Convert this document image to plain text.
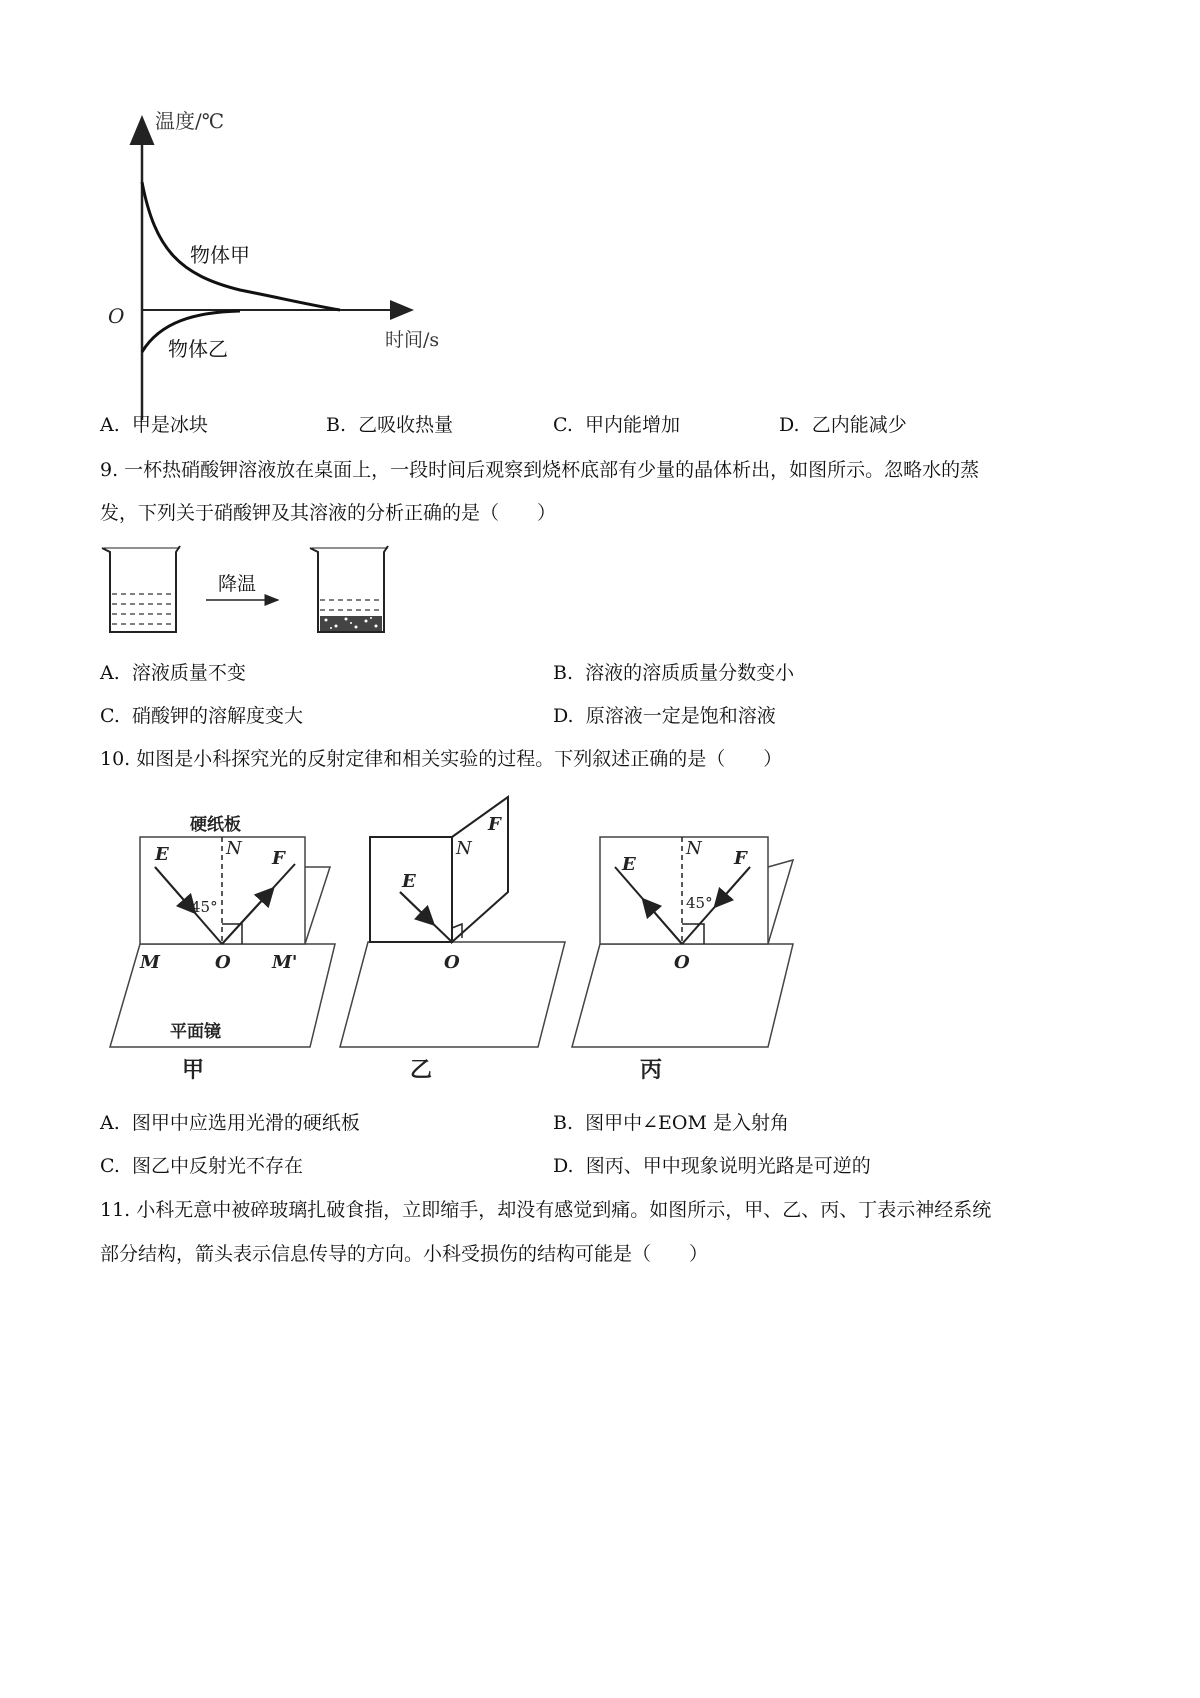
温度/℃
时间/s
O
物体甲
物体乙
A. 甲是冰块	B. 乙吸收热量	C. 甲内能增加	D. 乙内能减少
9. 一杯热硝酸钾溶液放在桌面上，一段时间后观察到烧杯底部有少量的晶体析出，如图所示。忽略水的蒸
发，下列关于硝酸钾及其溶液的分析正确的是（　　）
降温
A. 溶液质量不变	B. 溶液的溶质质量分数变小
C. 硝酸钾的溶解度变大	D. 原溶液一定是饱和溶液
10. 如图是小科探究光的反射定律和相关实验的过程。下列叙述正确的是（　　）
硬纸板
E	N F
45°
M	O M'
平面镜
甲
E
N
F
O
乙
E
N F
45°
O
丙
A. 图甲中应选用光滑的硬纸板	B. 图甲中∠EOM 是入射角
C. 图乙中反射光不存在	D. 图丙、甲中现象说明光路是可逆的
11. 小科无意中被碎玻璃扎破食指，立即缩手，却没有感觉到痛。如图所示，甲、乙、丙、丁表示神经系统
部分结构，箭头表示信息传导的方向。小科受损伤的结构可能是（　　）
